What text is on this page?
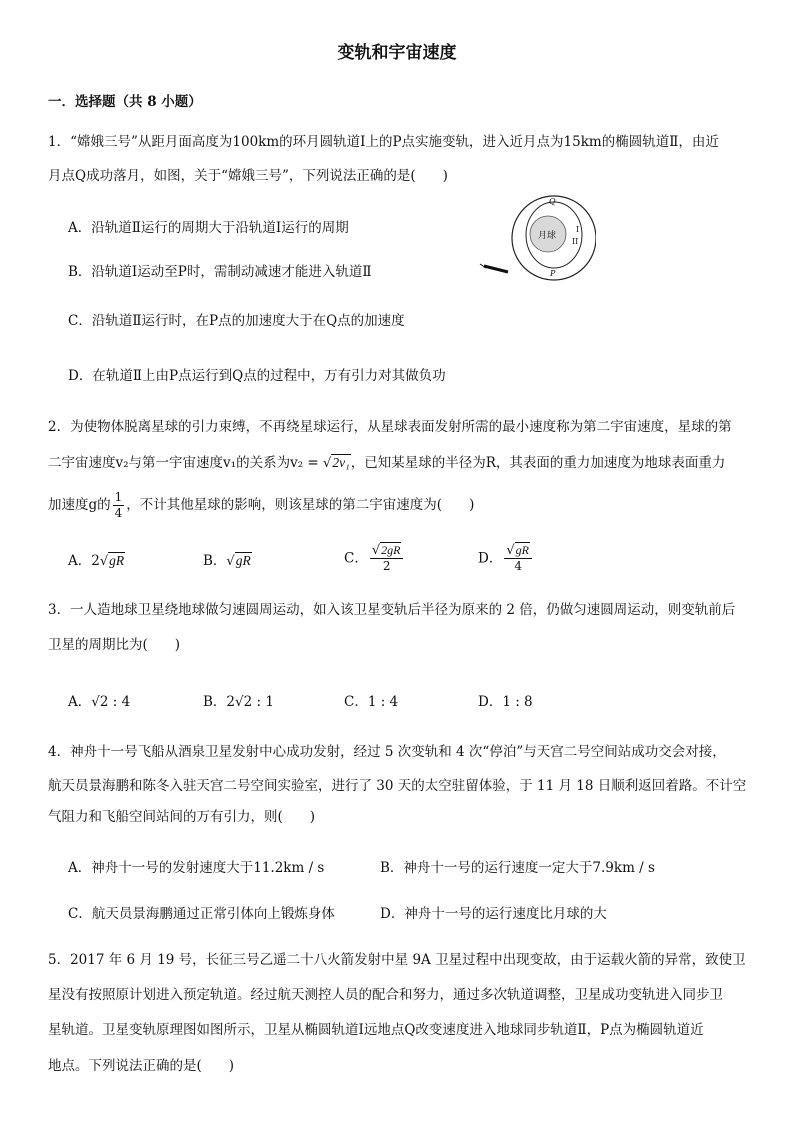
变轨和宇宙速度
一．选择题（共 8 小题）
1．“嫦娥三号”从距月面高度为100km的环月圆轨道Ⅰ上的P点实施变轨，进入近月点为15km的椭圆轨道Ⅱ，由近
月点Q成功落月，如图，关于“嫦娥三号”，下列说法正确的是(　　)
A．沿轨道Ⅱ运行的周期大于沿轨道Ⅰ运行的周期
B．沿轨道Ⅰ运动至P时，需制动减速才能进入轨道Ⅱ
C．沿轨道Ⅱ运行时，在P点的加速度大于在Q点的加速度
D．在轨道Ⅱ上由P点运行到Q点的过程中，万有引力对其做负功
月球
Q
I
II
P
2．为使物体脱离星球的引力束缚，不再绕星球运行，从星球表面发射所需的最小速度称为第二宇宙速度，星球的第
二宇宙速度v₂与第一宇宙速度v₁的关系为v₂ = √2v₁，已知某星球的半径为R，其表面的重力加速度为地球表面重力
加速度g的 $\frac{1}{4}$ ，不计其他星球的影响，则该星球的第二宇宙速度为(　　)
A．2√gR	B．√gR	C． $\frac{√2gR}{2}$	D． $\frac{√gR}{4}$
3．一人造地球卫星绕地球做匀速圆周运动，如入该卫星变轨后半径为原来的 2 倍，仍做匀速圆周运动，则变轨前后
卫星的周期比为(　　)
A．√2 : 4	B．2√2 : 1	C．1 : 4	D．1 : 8
4．神舟十一号飞船从酒泉卫星发射中心成功发射，经过 5 次变轨和 4 次“停泊”与天宫二号空间站成功交会对接，
航天员景海鹏和陈冬入驻天宫二号空间实验室，进行了 30 天的太空驻留体验，于 11 月 18 日顺利返回着路。不计空
气阻力和飞船空间站间的万有引力，则(　　)
A．神舟十一号的发射速度大于11.2km / s	B．神舟十一号的运行速度一定大于7.9km / s
C．航天员景海鹏通过正常引体向上锻炼身体	D．神舟十一号的运行速度比月球的大
5．2017 年 6 月 19 号，长征三号乙遥二十八火箭发射中星 9A 卫星过程中出现变故，由于运载火箭的异常，致使卫
星没有按照原计划进入预定轨道。经过航天测控人员的配合和努力，通过多次轨道调整，卫星成功变轨进入同步卫
星轨道。卫星变轨原理图如图所示，卫星从椭圆轨道Ⅰ远地点Q改变速度进入地球同步轨道Ⅱ，P点为椭圆轨道近
地点。下列说法正确的是(　　)
